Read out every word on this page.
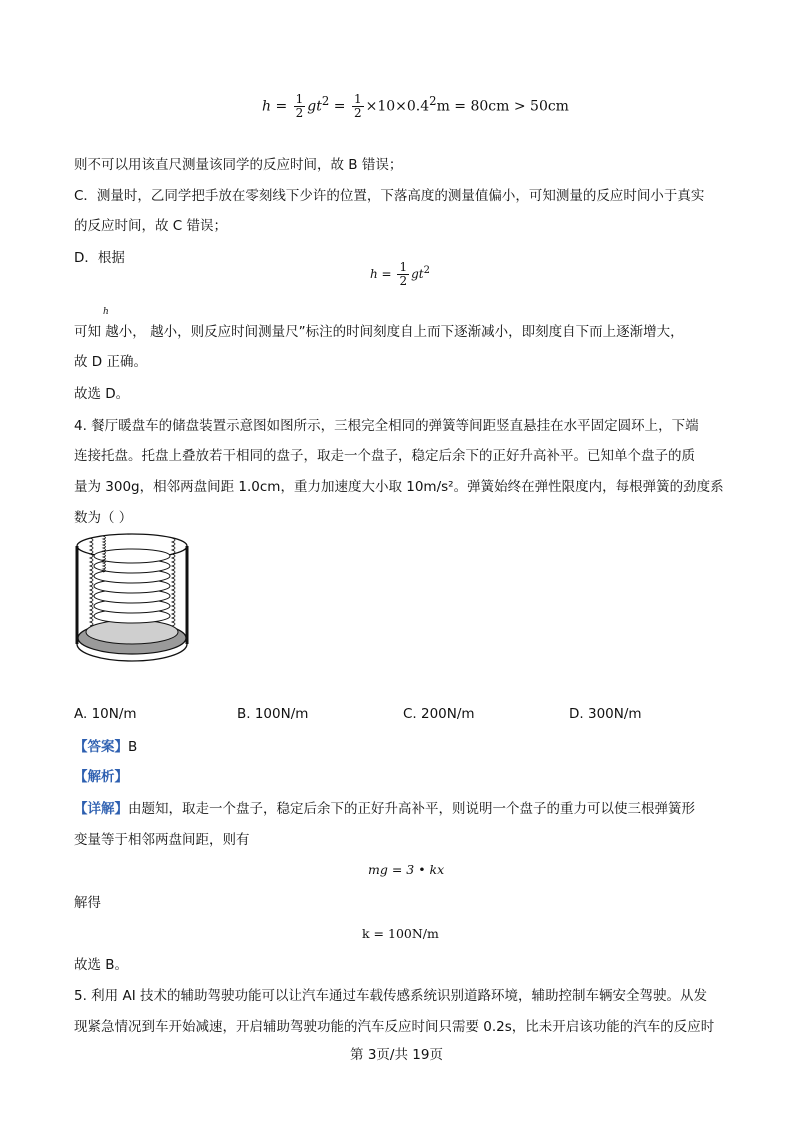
$h = \frac{1}{2} gt^2 = \frac{1}{2} \times 10\times 0.4^2m = 80cm > 50cm$
则不可以用该直尺测量该同学的反应时间，故 B 错误；
C．测量时，乙同学把手放在零刻线下少许的位置，下落高度的测量值偏小，可知测量的反应时间小于真实
的反应时间，故 C 错误；
D．根据
$h = \frac{1}{2} gt^2$
h
可知 越小， 越小，则反应时间测量尺”标注的时间刻度自上而下逐渐减小，即刻度自下而上逐渐增大，
故 D 正确。
故选 D。
4. 餐厅暖盘车的储盘装置示意图如图所示，三根完全相同的弹簧等间距竖直悬挂在水平固定圆环上，下端
连接托盘。托盘上叠放若干相同的盘子，取走一个盘子，稳定后余下的正好升高补平。已知单个盘子的质
量为 300g，相邻两盘间距 1.0cm，重力加速度大小取 10m/s²。弹簧始终在弹性限度内，每根弹簧的劲度系
数为（ ）
A. 10N/m	B. 100N/m	C. 200N/m	D. 300N/m
【答案】B
【解析】
【详解】由题知，取走一个盘子，稳定后余下的正好升高补平，则说明一个盘子的重力可以使三根弹簧形
变量等于相邻两盘间距，则有
mg = 3 • kx
解得
k = 100N/m
故选 B。
5. 利用 AI 技术的辅助驾驶功能可以让汽车通过车载传感系统识别道路环境，辅助控制车辆安全驾驶。从发
现紧急情况到车开始减速，开启辅助驾驶功能的汽车反应时间只需要 0.2s，比未开启该功能的汽车的反应时
第 3页/共 19页
